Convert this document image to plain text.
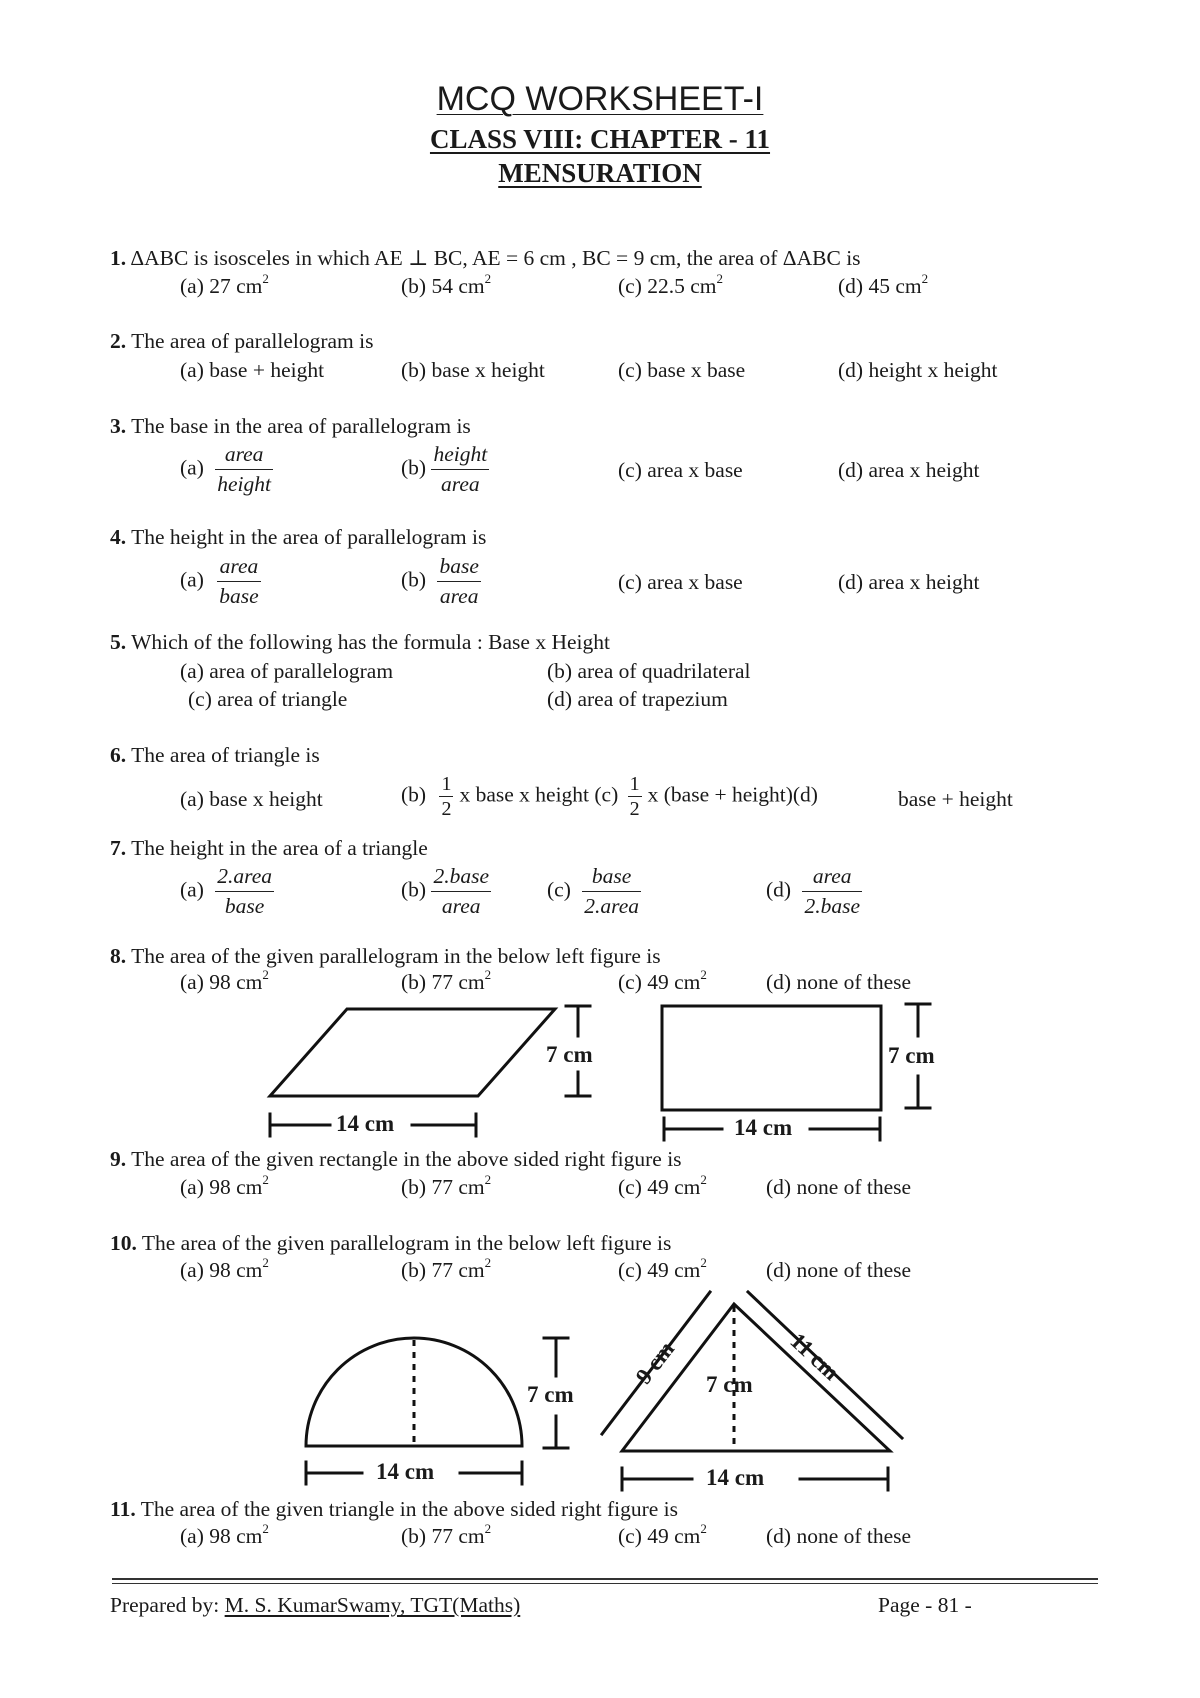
MCQ WORKSHEET-I
CLASS VIII: CHAPTER - 11
MENSURATION
1. ΔABC is isosceles in which AE ⊥ BC, AE = 6 cm , BC = 9 cm, the area of ΔABC is
(a) 27 $cm^2$	(b) 54 $cm^2$	(c) 22.5 $cm^2$	(d) 45 $cm^2$
2. The area of parallelogram is
(a) base + height	(b) base x height	(c) base x base	(d) height x height
3. The base in the area of parallelogram is
$(a) \frac{\text{area}}{\text{height}}$	$(b) \frac{\text{height}}{\text{area}}$	(c) area x base	(d) area x height
4. The height in the area of parallelogram is
$(a) \frac{\text{area}}{\text{base}}$	$(b) \frac{\text{base}}{\text{area}}$	(c) area x base	(d) area x height
5. Which of the following has the formula : Base x Height
(a) area of parallelogram	(b) area of quadrilateral
(c) area of triangle	(d) area of trapezium
6. The area of triangle is
(a) base x height	$(b) \frac{1}{2}$ x base x height $(c) \frac{1}{2}$ x (base + height)(d)	base + height
7. The height in the area of a triangle
$(a) \frac{\text{2.area}}{\text{base}}$	$(b) \frac{\text{2.base}}{\text{area}}$	$(c) \frac{\text{base}}{\text{2.area}}$	$(d) \frac{\text{area}}{\text{2.base}}$
8. The area of the given parallelogram in the below left figure is
(a) 98 $cm^2$	(b) 77 $cm^2$	(c) 49 $cm^2$	(d) none of these
7 cm
14 cm
7 cm
14 cm
7 cm
14 cm
7 cm
14 cm
9 cm	11 cm
9. The area of the given rectangle in the above sided right figure is
(a) 98 $cm^2$	(b) 77 $cm^2$	(c) 49 $cm^2$	(d) none of these
10. The area of the given parallelogram in the below left figure is
(a) 98 $cm^2$	(b) 77 $cm^2$	(c) 49 $cm^2$	(d) none of these
11. The area of the given triangle in the above sided right figure is
(a) 98 $cm^2$	(b) 77 $cm^2$	(c) 49 $cm^2$	(d) none of these
Prepared by: M. S. KumarSwamy, TGT(Maths)	Page - 81 -
